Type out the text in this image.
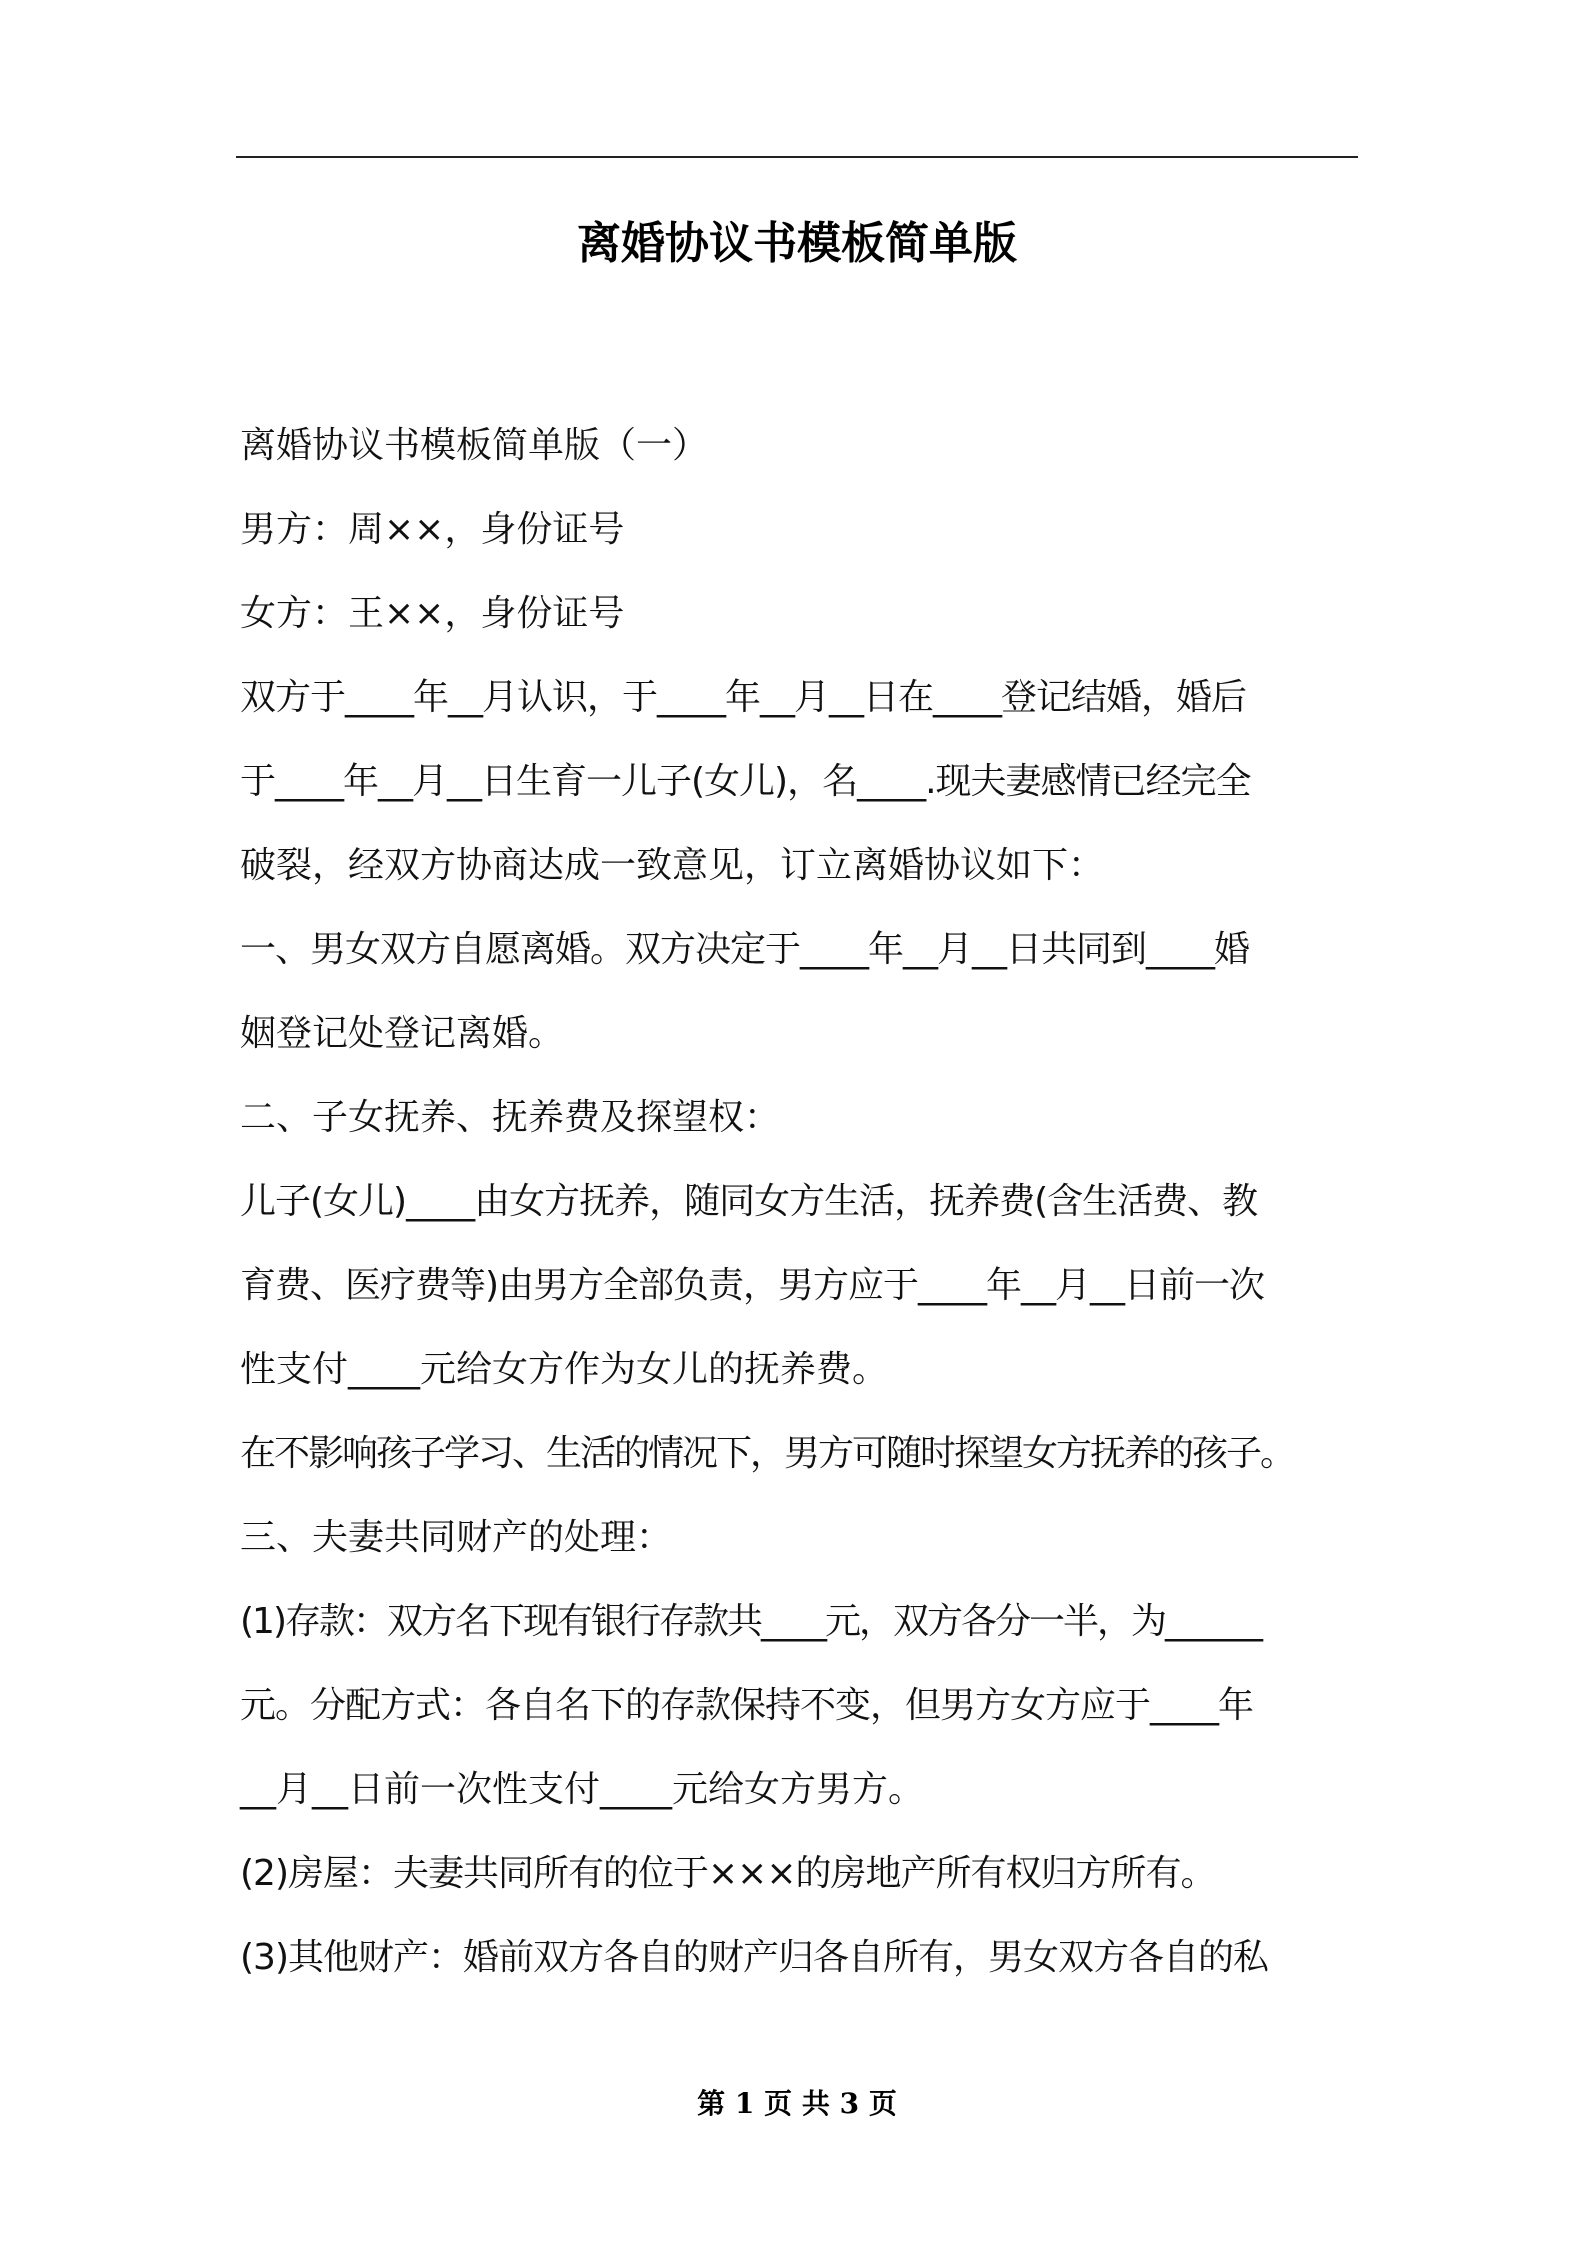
离婚协议书模板简单版
离婚协议书模板简单版（一）
男方：周××，身份证号
女方：王××，身份证号
双方于____年__月认识，于____年__月__日在____登记结婚，婚后
于____年__月__日生育一儿子(女儿)，名____.现夫妻感情已经完全
破裂，经双方协商达成一致意见，订立离婚协议如下：
一、男女双方自愿离婚。双方决定于____年__月__日共同到____婚
姻登记处登记离婚。
二、子女抚养、抚养费及探望权：
儿子(女儿)____由女方抚养，随同女方生活，抚养费(含生活费、教
育费、医疗费等)由男方全部负责，男方应于____年__月__日前一次
性支付____元给女方作为女儿的抚养费。
在不影响孩子学习、生活的情况下，男方可随时探望女方抚养的孩子。
三、夫妻共同财产的处理：
(1)存款：双方名下现有银行存款共____元，双方各分一半，为______
元。分配方式：各自名下的存款保持不变，但男方女方应于____年
__月__日前一次性支付____元给女方男方。
(2)房屋：夫妻共同所有的位于×××的房地产所有权归方所有。
(3)其他财产：婚前双方各自的财产归各自所有，男女双方各自的私
第 1 页 共 3 页
